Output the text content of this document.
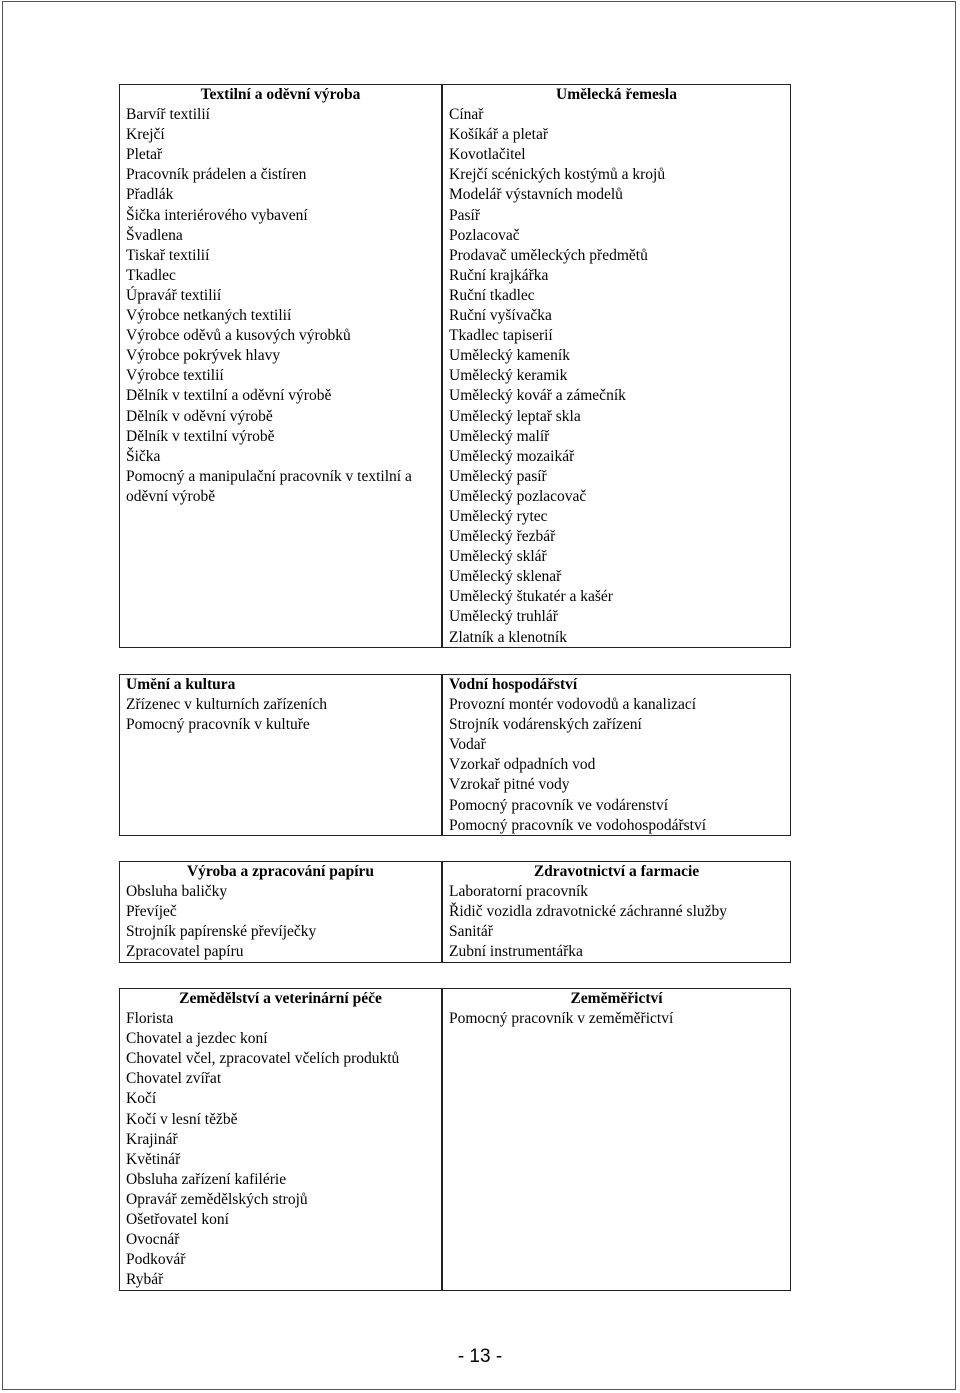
Textilní a oděvní výroba
Barvíř textilií
Krejčí
Pletař
Pracovník prádelen a čistíren
Přadlák
Šička interiérového vybavení
Švadlena
Tiskař textilií
Tkadlec
Úpravář textilií
Výrobce netkaných textilií
Výrobce oděvů a kusových výrobků
Výrobce pokrývek hlavy
Výrobce textilií
Dělník v textilní a oděvní výrobě
Dělník v oděvní výrobě
Dělník v textilní výrobě
Šička
Pomocný a manipulační pracovník v textilní a oděvní výrobě
Umělecká řemesla
Cínař
Košíkář a pletař
Kovotlačitel
Krejčí scénických kostýmů a krojů
Modelář výstavních modelů
Pasíř
Pozlacovač
Prodavač uměleckých předmětů
Ruční krajkářka
Ruční tkadlec
Ruční vyšívačka
Tkadlec tapiserií
Umělecký kameník
Umělecký keramik
Umělecký kovář a zámečník
Umělecký leptař skla
Umělecký malíř
Umělecký mozaikář
Umělecký pasíř
Umělecký pozlacovač
Umělecký rytec
Umělecký řezbář
Umělecký sklář
Umělecký sklenař
Umělecký štukatér a kašér
Umělecký truhlář
Zlatník a klenotník
Umění a kultura
Zřízenec v kulturních zařízeních
Pomocný pracovník v kultuře
Vodní hospodářství
Provozní montér vodovodů a kanalizací
Strojník vodárenských zařízení
Vodař
Vzorkař odpadních vod
Vzrokař pitné vody
Pomocný pracovník ve vodárenství
Pomocný pracovník ve vodohospodářství
Výroba a zpracování papíru
Obsluha baličky
Převíječ
Strojník papírenské převíječky
Zpracovatel papíru
Zdravotnictví a farmacie
Laboratorní pracovník
Řidič vozidla zdravotnické záchranné služby
Sanitář
Zubní instrumentářka
Zemědělství a veterinární péče
Florista
Chovatel a jezdec koní
Chovatel včel, zpracovatel včelích produktů
Chovatel zvířat
Kočí
Kočí v lesní těžbě
Krajinář
Květinář
Obsluha zařízení kafilérie
Opravář zemědělských strojů
Ošetřovatel koní
Ovocnář
Podkovář
Rybář
Zeměměřictví
Pomocný pracovník v zeměměřictví
- 13 -
